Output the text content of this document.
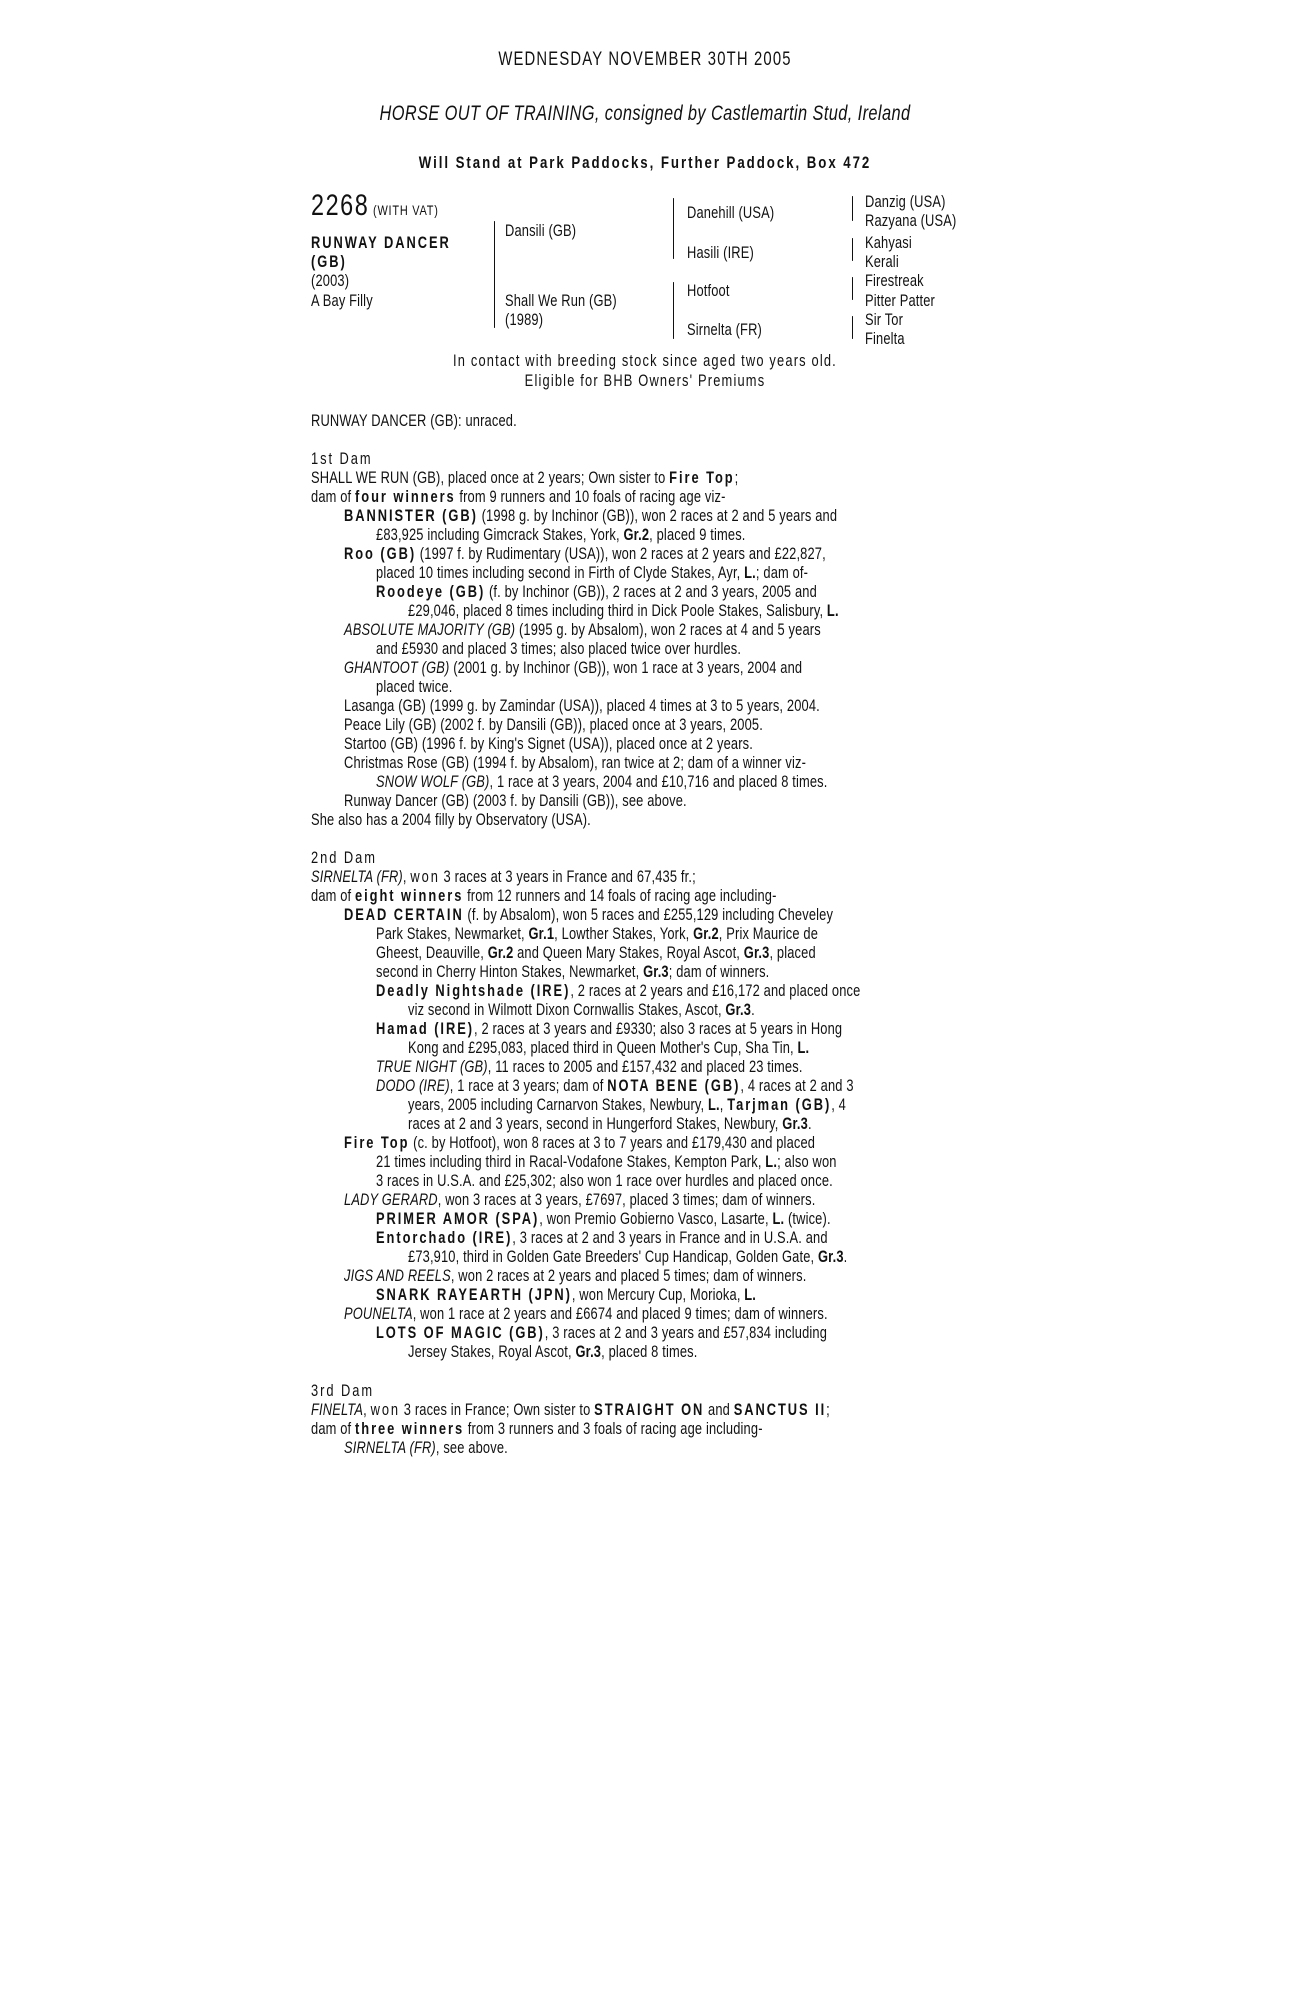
WEDNESDAY NOVEMBER 30TH 2005
HORSE OUT OF TRAINING, consigned by Castlemartin Stud, Ireland
Will Stand at Park Paddocks, Further Paddock, Box 472
2268 (WITH VAT)
RUNWAY DANCER
(GB)
(2003)
A Bay Filly
Dansili (GB)
Shall We Run (GB)
(1989)
Danehill (USA)
Hasili (IRE)
Hotfoot
Sirnelta (FR)
Danzig (USA)
Razyana (USA)
Kahyasi
Kerali
Firestreak
Pitter Patter
Sir Tor
Finelta
In contact with breeding stock since aged two years old.
Eligible for BHB Owners' Premiums
RUNWAY DANCER (GB): unraced.
1st Dam
SHALL WE RUN (GB), placed once at 2 years; Own sister to Fire Top;
dam of four winners from 9 runners and 10 foals of racing age viz-
BANNISTER (GB) (1998 g. by Inchinor (GB)), won 2 races at 2 and 5 years and
£83,925 including Gimcrack Stakes, York, Gr.2, placed 9 times.
Roo (GB) (1997 f. by Rudimentary (USA)), won 2 races at 2 years and £22,827,
placed 10 times including second in Firth of Clyde Stakes, Ayr, L.; dam of-
Roodeye (GB) (f. by Inchinor (GB)), 2 races at 2 and 3 years, 2005 and
£29,046, placed 8 times including third in Dick Poole Stakes, Salisbury, L.
ABSOLUTE MAJORITY (GB) (1995 g. by Absalom), won 2 races at 4 and 5 years
and £5930 and placed 3 times; also placed twice over hurdles.
GHANTOOT (GB) (2001 g. by Inchinor (GB)), won 1 race at 3 years, 2004 and
placed twice.
Lasanga (GB) (1999 g. by Zamindar (USA)), placed 4 times at 3 to 5 years, 2004.
Peace Lily (GB) (2002 f. by Dansili (GB)), placed once at 3 years, 2005.
Startoo (GB) (1996 f. by King's Signet (USA)), placed once at 2 years.
Christmas Rose (GB) (1994 f. by Absalom), ran twice at 2; dam of a winner viz-
SNOW WOLF (GB), 1 race at 3 years, 2004 and £10,716 and placed 8 times.
Runway Dancer (GB) (2003 f. by Dansili (GB)), see above.
She also has a 2004 filly by Observatory (USA).
2nd Dam
SIRNELTA (FR), won 3 races at 3 years in France and 67,435 fr.;
dam of eight winners from 12 runners and 14 foals of racing age including-
DEAD CERTAIN (f. by Absalom), won 5 races and £255,129 including Cheveley
Park Stakes, Newmarket, Gr.1, Lowther Stakes, York, Gr.2, Prix Maurice de
Gheest, Deauville, Gr.2 and Queen Mary Stakes, Royal Ascot, Gr.3, placed
second in Cherry Hinton Stakes, Newmarket, Gr.3; dam of winners.
Deadly Nightshade (IRE), 2 races at 2 years and £16,172 and placed once
viz second in Wilmott Dixon Cornwallis Stakes, Ascot, Gr.3.
Hamad (IRE), 2 races at 3 years and £9330; also 3 races at 5 years in Hong
Kong and £295,083, placed third in Queen Mother's Cup, Sha Tin, L.
TRUE NIGHT (GB), 11 races to 2005 and £157,432 and placed 23 times.
DODO (IRE), 1 race at 3 years; dam of NOTA BENE (GB), 4 races at 2 and 3
years, 2005 including Carnarvon Stakes, Newbury, L., Tarjman (GB), 4
races at 2 and 3 years, second in Hungerford Stakes, Newbury, Gr.3.
Fire Top (c. by Hotfoot), won 8 races at 3 to 7 years and £179,430 and placed
21 times including third in Racal-Vodafone Stakes, Kempton Park, L.; also won
3 races in U.S.A. and £25,302; also won 1 race over hurdles and placed once.
LADY GERARD, won 3 races at 3 years, £7697, placed 3 times; dam of winners.
PRIMER AMOR (SPA), won Premio Gobierno Vasco, Lasarte, L. (twice).
Entorchado (IRE), 3 races at 2 and 3 years in France and in U.S.A. and
£73,910, third in Golden Gate Breeders' Cup Handicap, Golden Gate, Gr.3.
JIGS AND REELS, won 2 races at 2 years and placed 5 times; dam of winners.
SNARK RAYEARTH (JPN), won Mercury Cup, Morioka, L.
POUNELTA, won 1 race at 2 years and £6674 and placed 9 times; dam of winners.
LOTS OF MAGIC (GB), 3 races at 2 and 3 years and £57,834 including
Jersey Stakes, Royal Ascot, Gr.3, placed 8 times.
3rd Dam
FINELTA, won 3 races in France; Own sister to STRAIGHT ON and SANCTUS II;
dam of three winners from 3 runners and 3 foals of racing age including-
SIRNELTA (FR), see above.
